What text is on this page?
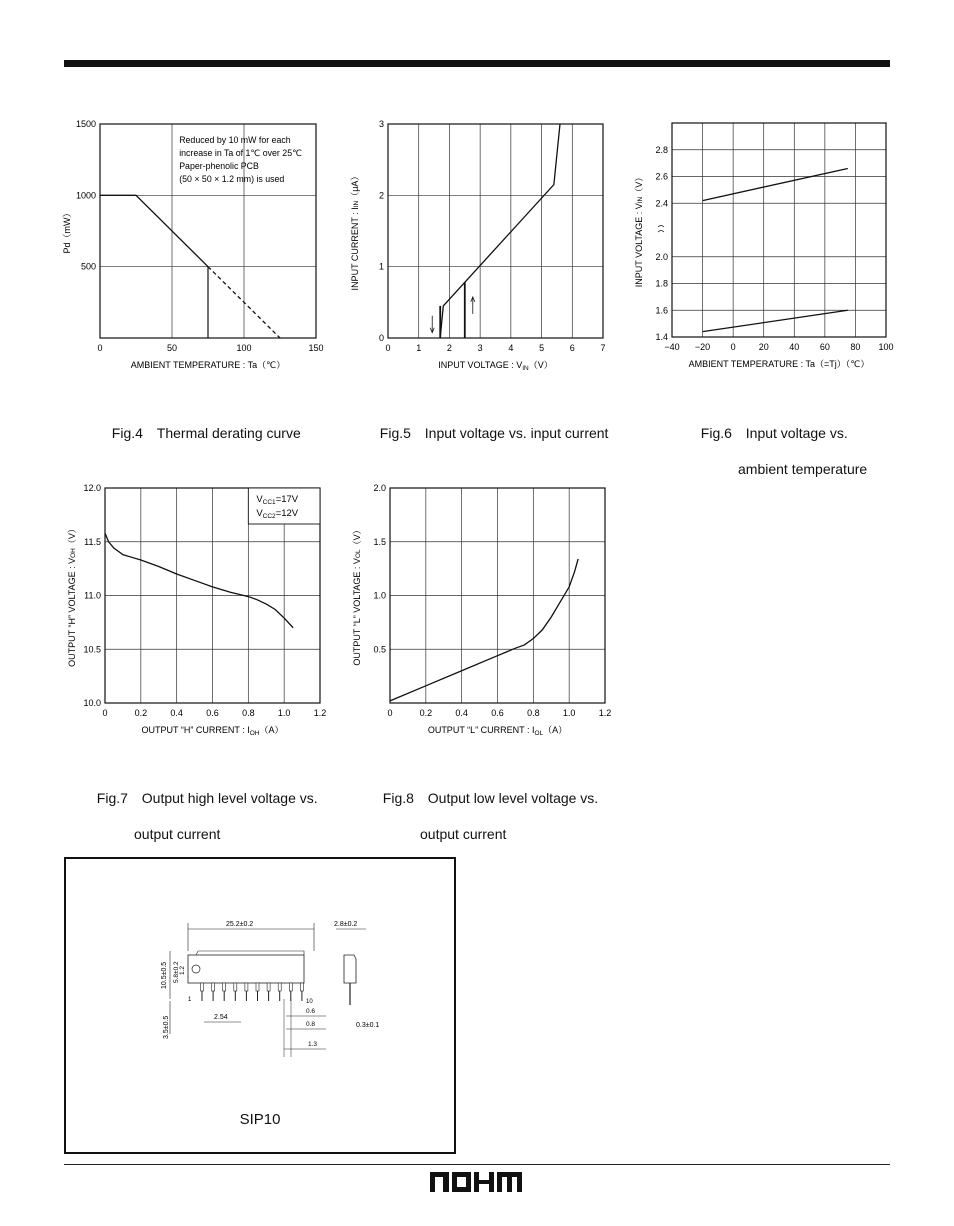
0	50	100	150
500
1000
1500
AMBIENT TEMPERATURE : Ta（℃）
Pd（mW）
Reduced by 10 mW for each
increase in Ta of 1℃ over 25℃
Paper-phenolic PCB
(50 × 50 × 1.2 mm) is used
0	1	2	3	4	5	6	7
0
1
2
3
INPUT VOLTAGE : $V_{IN}(V)$
INPUT CURRENT : IIN（μA）
−40 −20 0	20 40 60 80 100
1.4
1.6
1.8
2.0
2.4
2.6
2.8
AMBIENT TEMPERATURE : Ta（=Tj）（℃）
INPUT VOLTAGE : VIN（V）
0	0.2	0.4	0.6	0.8	1.0	1.2
10.0
10.5
11.0
11.5
12.0
OUTPUT “H” CURRENT : $I_{OH}(A)$
OUTPUT “H” VOLTAGE : VOH（V）
$V_{CC1}=17V$
$V_{CC2}=12V$
0	0.2	0.4	0.6	0.8	1.0	1.2
0.5
1.0
1.5
2.0
OUTPUT “L” CURRENT : $I_{OL}(A)$
OUTPUT “L” VOLTAGE : VOL（V）

Fig.4 Thermal derating curve	Fig.5 Input voltage vs. input current	Fig.6 Input voltage vs.

ambient temperature

Fig.7 Output high level voltage vs.

output current

Fig.8 Output low level voltage vs.

output current

25.2±0.2
1	10
10.5±0.5 5.8±0.2 1.2
3.5±0.5	2.54
0.6
0.8
1.3
2.8±0.2
0.3±0.1
SIP10
